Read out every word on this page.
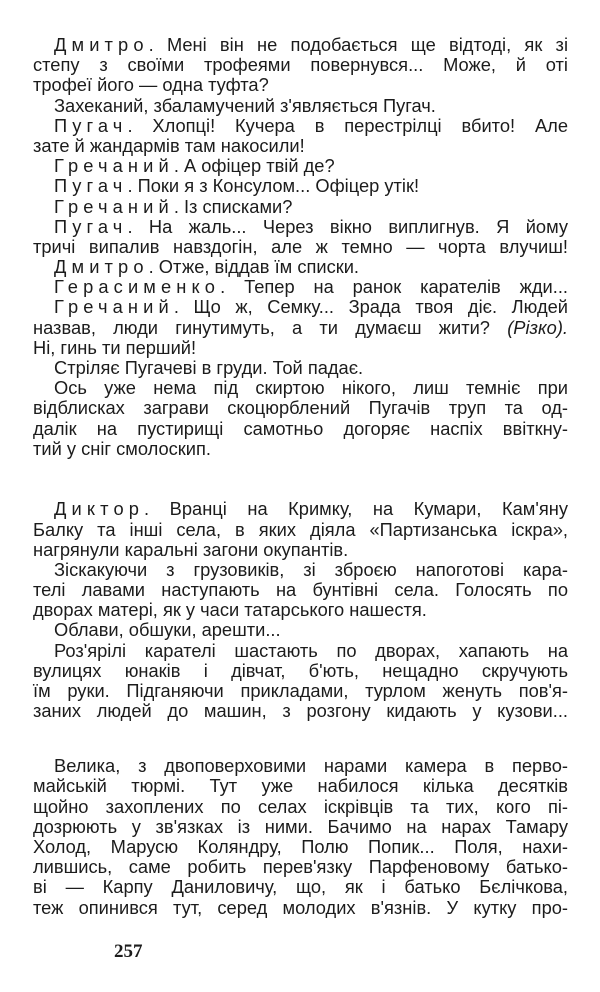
Дмитро. Мені він не подобається ще відтоді, як зі
степу з своїми трофеями повернувся... Може, й оті
трофеї його — одна туфта?
Захеканий, збаламучений з'являється Пугач.
Пугач. Хлопці! Кучера в перестрілці вбито! Але
зате й жандармів там накосили!
Гречаний. А офіцер твій де?
Пугач. Поки я з Консулом... Офіцер утік!
Гречаний. Із списками?
Пугач. На жаль... Через вікно виплигнув. Я йому
тричі випалив навздогін, але ж темно — чорта влучиш!
Дмитро. Отже, віддав їм списки.
Герасименко. Тепер на ранок карателів жди...
Гречаний. Що ж, Семку... Зрада твоя діє. Людей
назвав, люди гинутимуть, а ти думаєш жити? (Різко).
Ні, гинь ти перший!
Стріляє Пугачеві в груди. Той падає.
Ось уже нема під скиртою нікого, лиш темніє при
відблисках заграви скоцюрблений Пугачів труп та од-
далік на пустирищі самотньо догоряє наспіх ввіткну-
тий у сніг смолоскип.
Диктор. Вранці на Кримку, на Кумари, Кам'яну
Балку та інші села, в яких діяла «Партизанська іскра»,
нагрянули каральні загони окупантів.
Зіскакуючи з грузовиків, зі зброєю напоготові кара-
телі лавами наступають на бунтівні села. Голосять по
дворах матері, як у часи татарського нашестя.
Облави, обшуки, арешти...
Роз'ярілі карателі шастають по дворах, хапають на
вулицях юнаків і дівчат, б'ють, нещадно скручують
їм руки. Підганяючи прикладами, турлом женуть пов'я-
заних людей до машин, з розгону кидають у кузови...
Велика, з двоповерховими нарами камера в перво-
майській тюрмі. Тут уже набилося кілька десятків
щойно захоплених по селах іскрівців та тих, кого пі-
дозрюють у зв'язках із ними. Бачимо на нарах Тамару
Холод, Марусю Коляндру, Полю Попик... Поля, нахи-
лившись, саме робить перев'язку Парфеновому батько-
ві — Карпу Даниловичу, що, як і батько Бєлічкова,
теж опинився тут, серед молодих в'язнів. У кутку про-
257
